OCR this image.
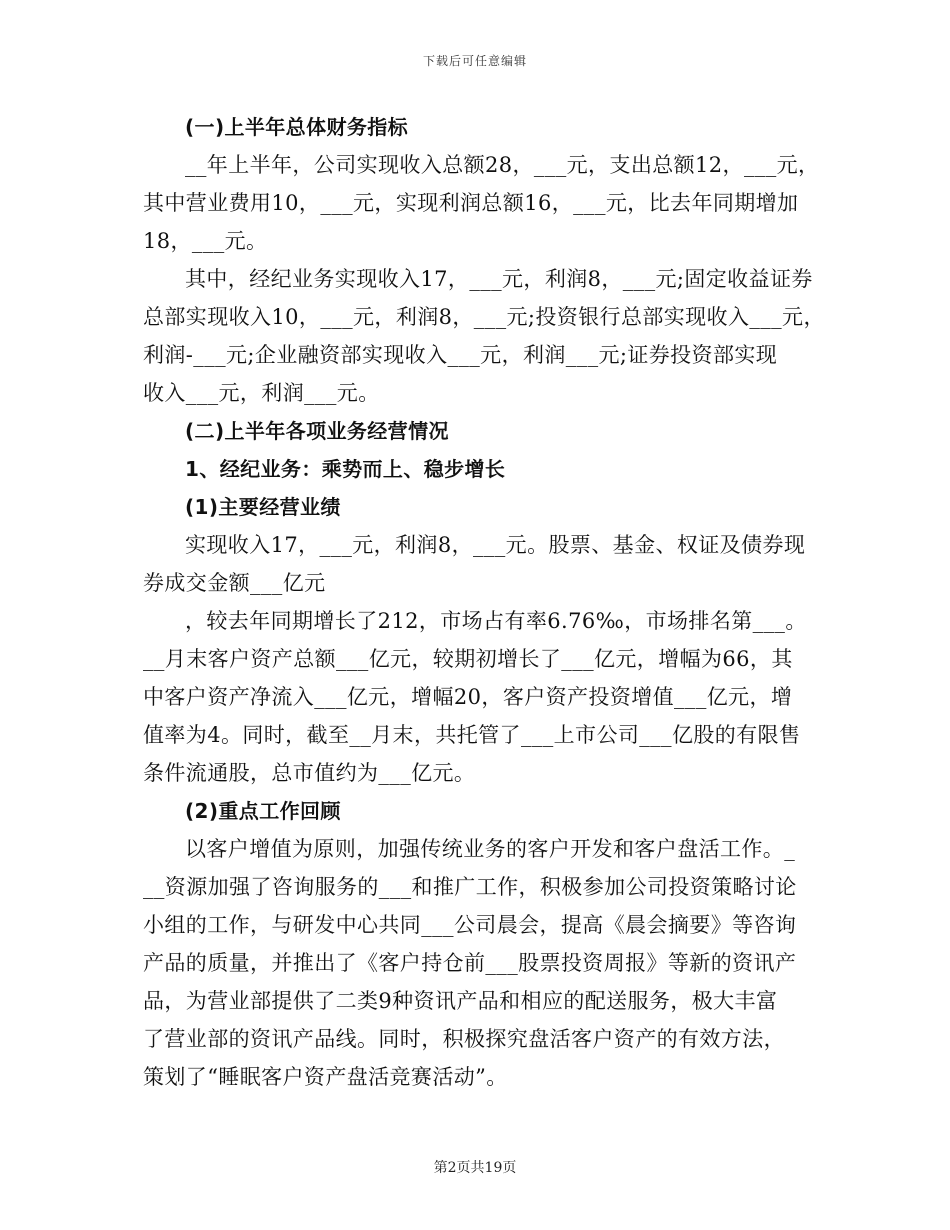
下载后可任意编辑
(一)上半年总体财务指标
__年上半年，公司实现收入总额28，___元，支出总额12，___元，
其中营业费用10，___元，实现利润总额16，___元，比去年同期增加
18，___元。
其中，经纪业务实现收入17，___元，利润8，___元;固定收益证券
总部实现收入10，___元，利润8，___元;投资银行总部实现收入___元，
利润-___元;企业融资部实现收入___元，利润___元;证券投资部实现
收入___元，利润___元。
(二)上半年各项业务经营情况
1、经纪业务：乘势而上、稳步增长
(1)主要经营业绩
实现收入17，___元，利润8，___元。股票、基金、权证及债券现
券成交金额___亿元
，较去年同期增长了212，市场占有率6.76‰，市场排名第___。
__月末客户资产总额___亿元，较期初增长了___亿元，增幅为66，其
中客户资产净流入___亿元，增幅20，客户资产投资增值___亿元，增
值率为4。同时，截至__月末，共托管了___上市公司___亿股的有限售
条件流通股，总市值约为___亿元。
(2)重点工作回顾
以客户增值为原则，加强传统业务的客户开发和客户盘活工作。_
__资源加强了咨询服务的___和推广工作，积极参加公司投资策略讨论
小组的工作，与研发中心共同___公司晨会，提高《晨会摘要》等咨询
产品的质量，并推出了《客户持仓前___股票投资周报》等新的资讯产
品，为营业部提供了二类9种资讯产品和相应的配送服务，极大丰富
了营业部的资讯产品线。同时，积极探究盘活客户资产的有效方法，
策划了“睡眠客户资产盘活竞赛活动”。
第2页共19页
